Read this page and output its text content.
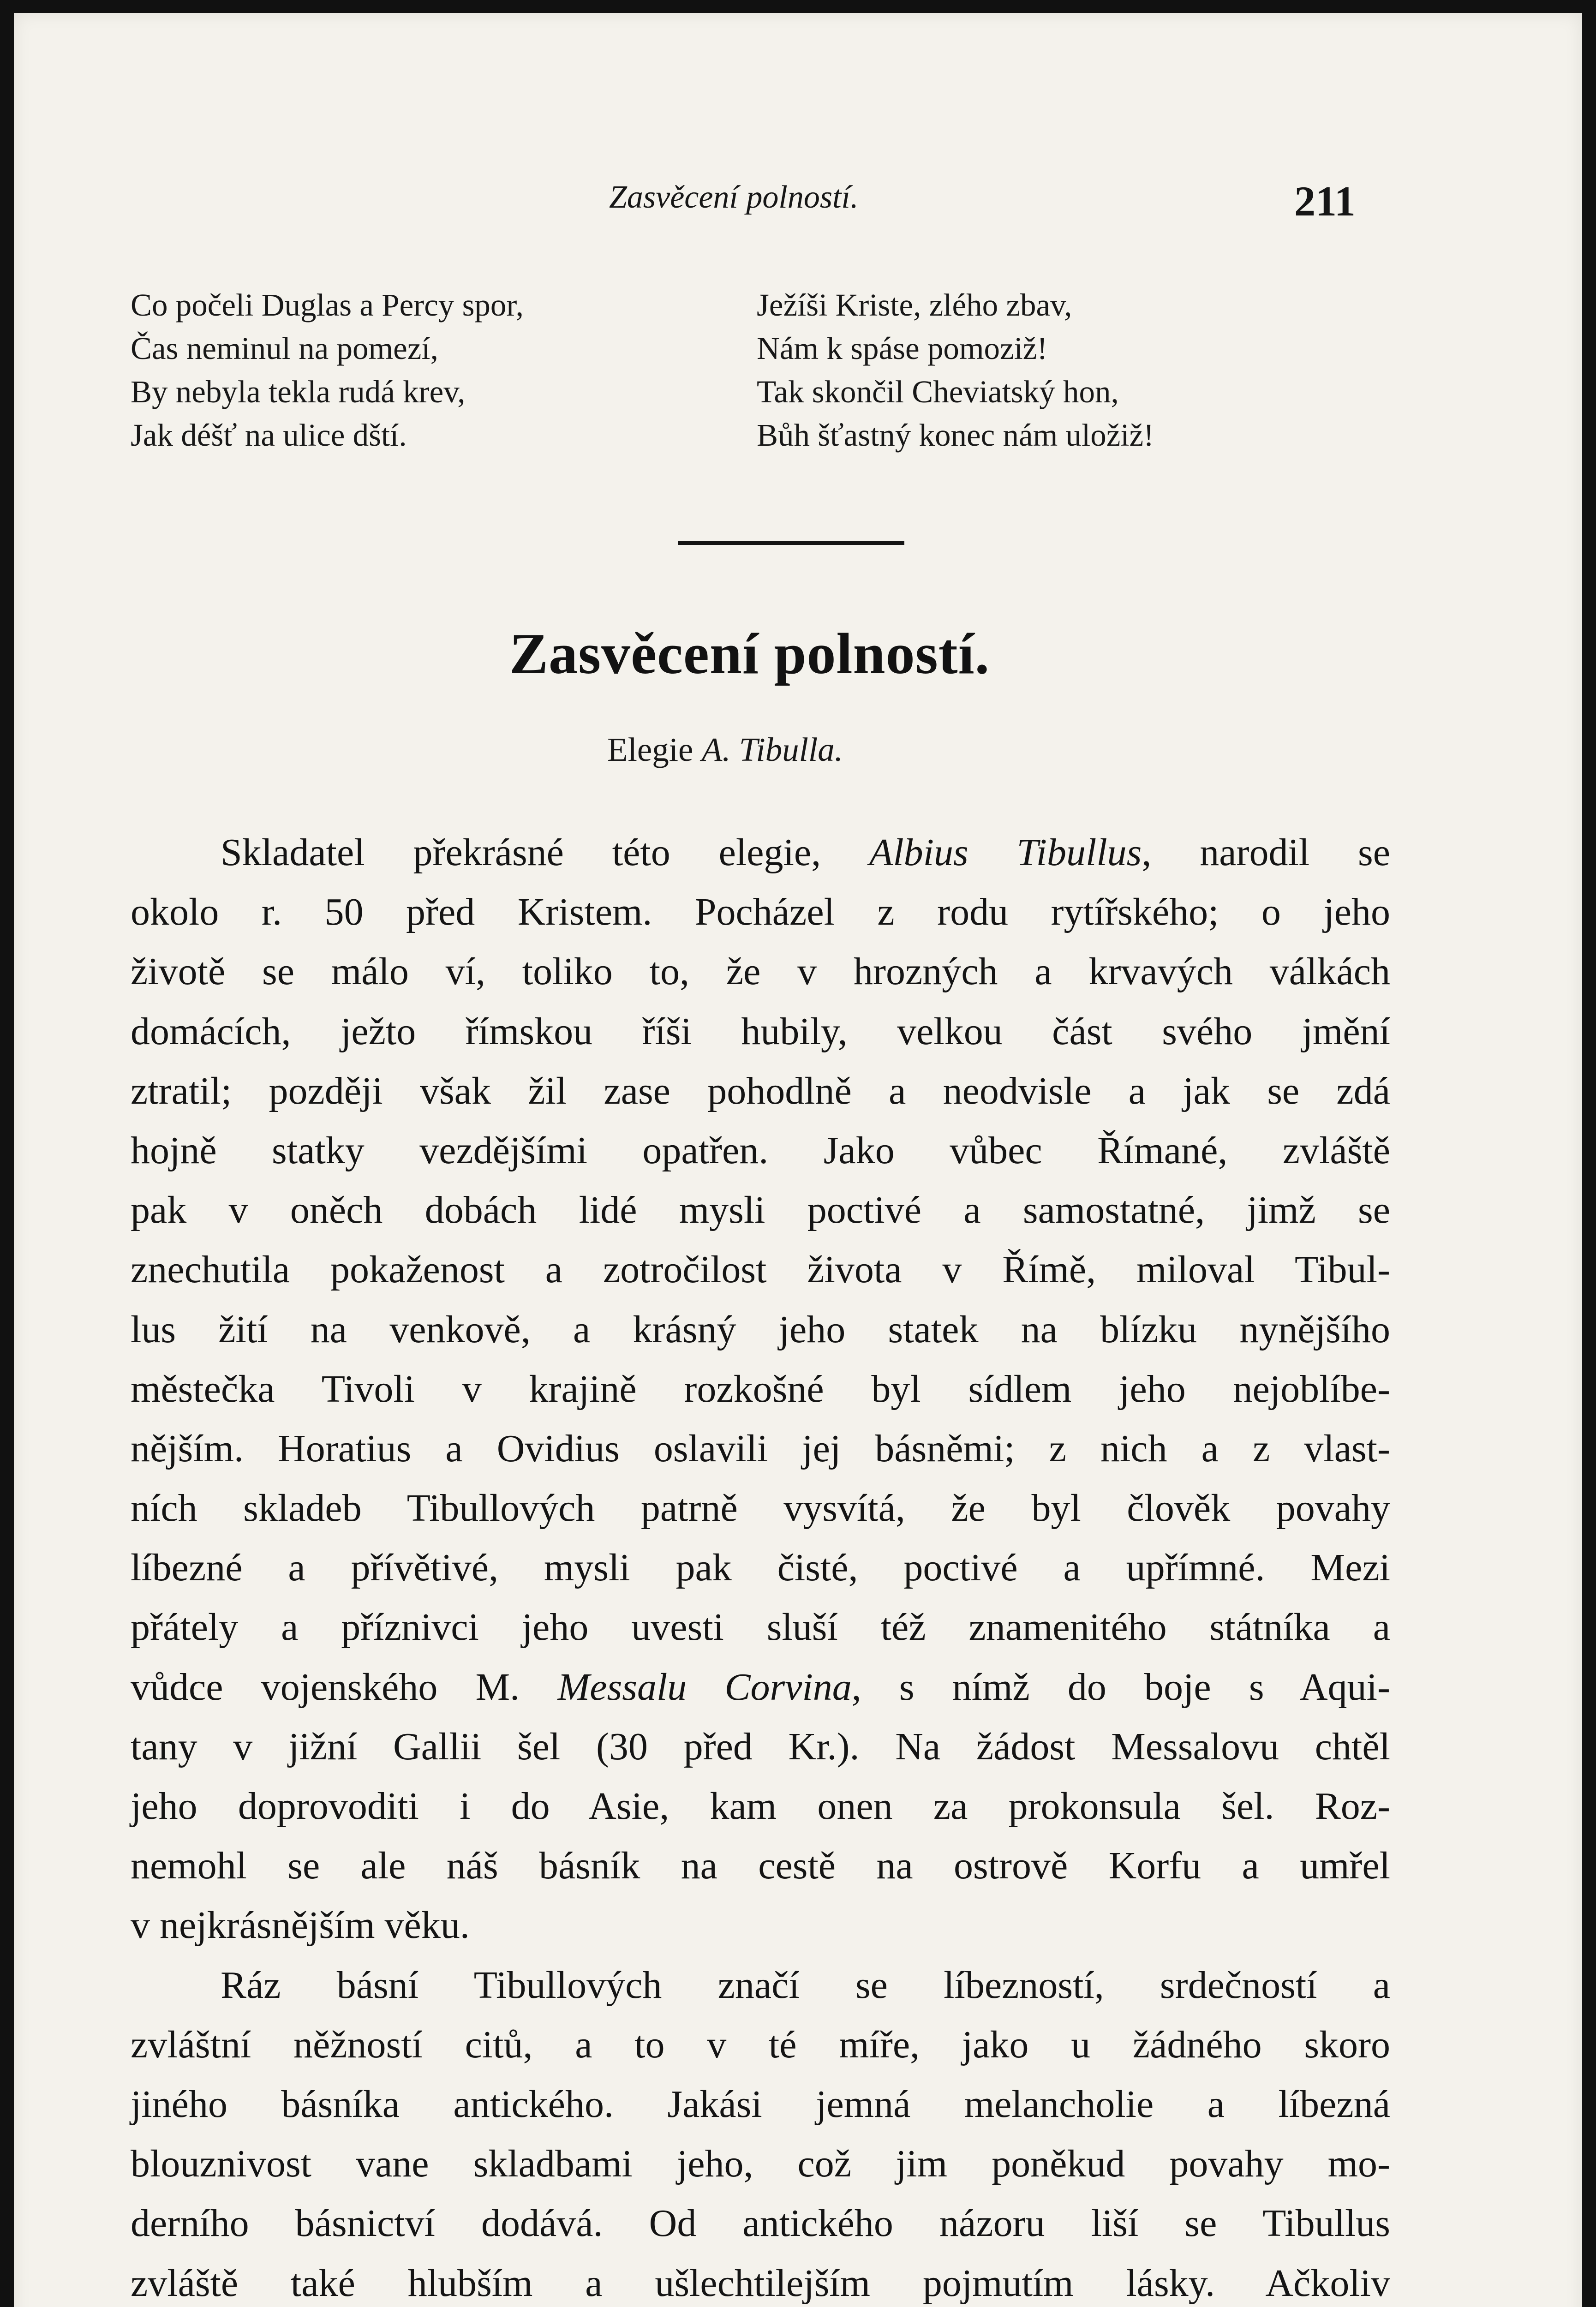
Zasvěcení polností.	211
Co počeli Duglas a Percy spor,
Čas neminul na pomezí,
By nebyla tekla rudá krev,
Jak déšť na ulice dští.
Ježíši Kriste, zlého zbav,
Nám k spáse pomoziž!
Tak skončil Cheviatský hon,
Bůh šťastný konec nám uložiž!
Zasvěcení polností.
Elegie A. Tibulla.
Skladatel překrásné této elegie, Albius Tibullus, narodil se
okolo r. 50 před Kristem. Pocházel z rodu rytířského; o jeho
životě se málo ví, toliko to, že v hrozných a krvavých válkách
domácích, ježto římskou říši hubily, velkou část svého jmění
ztratil; později však žil zase pohodlně a neodvisle a jak se zdá
hojně statky vezdějšími opatřen. Jako vůbec Římané, zvláště
pak v oněch dobách lidé mysli poctivé a samostatné, jimž se
znechutila pokaženost a zotročilost života v Římě, miloval Tibul-
lus žití na venkově, a krásný jeho statek na blízku nynějšího
městečka Tivoli v krajině rozkošné byl sídlem jeho nejoblíbe-
nějším. Horatius a Ovidius oslavili jej básněmi; z nich a z vlast-
ních skladeb Tibullových patrně vysvítá, že byl člověk povahy
líbezné a přívětivé, mysli pak čisté, poctivé a upřímné. Mezi
přátely a příznivci jeho uvesti sluší též znamenitého státníka a
vůdce vojenského M. Messalu Corvina, s nímž do boje s Aqui-
tany v jižní Gallii šel (30 před Kr.). Na žádost Messalovu chtěl
jeho doprovoditi i do Asie, kam onen za prokonsula šel. Roz-
nemohl se ale náš básník na cestě na ostrově Korfu a umřel
v nejkrásnějším věku.
Ráz básní Tibullových značí se líbezností, srdečností a
zvláštní něžností citů, a to v té míře, jako u žádného skoro
jiného básníka antického. Jakási jemná melancholie a líbezná
blouznivost vane skladbami jeho, což jim poněkud povahy mo-
derního básnictví dodává. Od antického názoru liší se Tibullus
zvláště také hlubším a ušlechtilejším pojmutím lásky. Ačkoliv
